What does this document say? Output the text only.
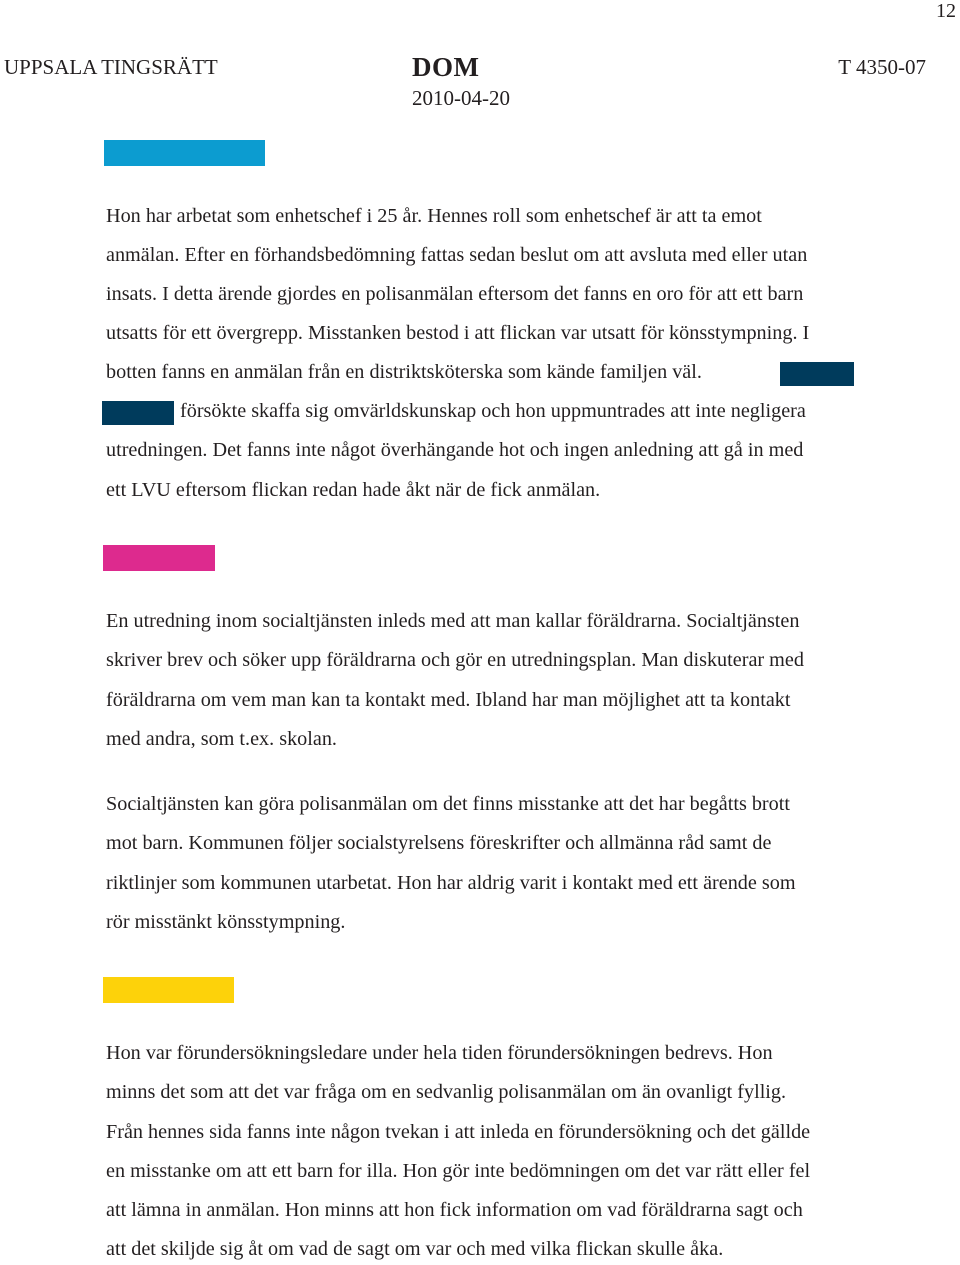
12
UPPSALA TINGSRÄTT	DOM
2010-04-20
T 4350-07
Hon har arbetat som enhetschef i 25 år. Hennes roll som enhetschef är att ta emot
anmälan. Efter en förhandsbedömning fattas sedan beslut om att avsluta med eller utan
insats. I detta ärende gjordes en polisanmälan eftersom det fanns en oro för att ett barn
utsatts för ett övergrepp. Misstanken bestod i att flickan var utsatt för könsstympning. I
botten fanns en anmälan från en distriktsköterska som kände familjen väl.
försökte skaffa sig omvärldskunskap och hon uppmuntrades att inte negligera
utredningen. Det fanns inte något överhängande hot och ingen anledning att gå in med
ett LVU eftersom flickan redan hade åkt när de fick anmälan.
En utredning inom socialtjänsten inleds med att man kallar föräldrarna. Socialtjänsten
skriver brev och söker upp föräldrarna och gör en utredningsplan. Man diskuterar med
föräldrarna om vem man kan ta kontakt med. Ibland har man möjlighet att ta kontakt
med andra, som t.ex. skolan.
Socialtjänsten kan göra polisanmälan om det finns misstanke att det har begåtts brott
mot barn. Kommunen följer socialstyrelsens föreskrifter och allmänna råd samt de
riktlinjer som kommunen utarbetat. Hon har aldrig varit i kontakt med ett ärende som
rör misstänkt könsstympning.
Hon var förundersökningsledare under hela tiden förundersökningen bedrevs. Hon
minns det som att det var fråga om en sedvanlig polisanmälan om än ovanligt fyllig.
Från hennes sida fanns inte någon tvekan i att inleda en förundersökning och det gällde
en misstanke om att ett barn for illa. Hon gör inte bedömningen om det var rätt eller fel
att lämna in anmälan. Hon minns att hon fick information om vad föräldrarna sagt och
att det skiljde sig åt om vad de sagt om var och med vilka flickan skulle åka.
